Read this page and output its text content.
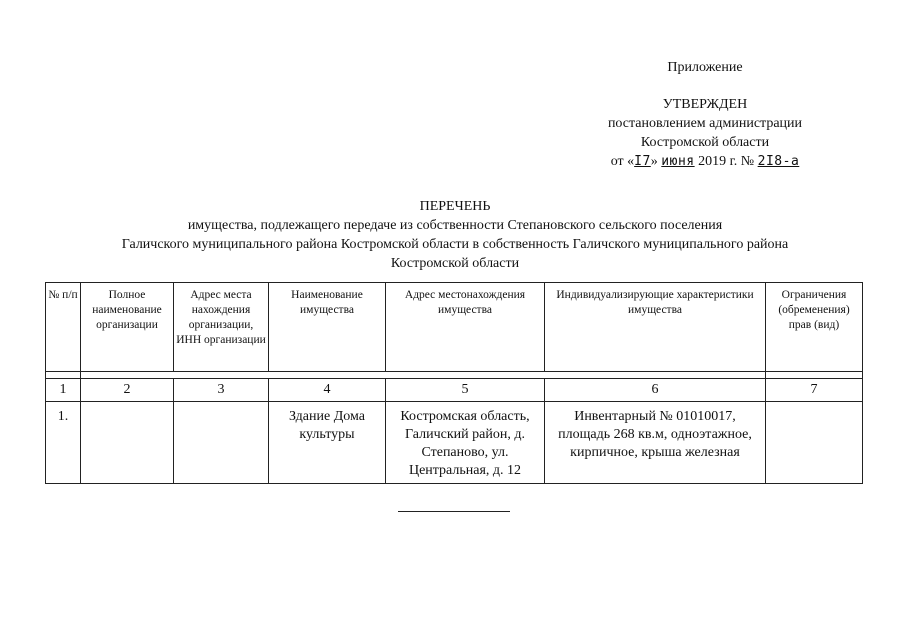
Приложение
УТВЕРЖДЕН
постановлением администрации
Костромской области
от «I7» июня 2019 г. № 2I8-а
ПЕРЕЧЕНЬ
имущества, подлежащего передаче из собственности Степановского сельского поселения
Галичского муниципального района Костромской области в собственность Галичского муниципального района
Костромской области
№ п/п	Полное наименование организации	Адрес места нахождения организации, ИНН организации	Наименование имущества	Адрес местонахождения имущества	Индивидуализирующие характеристики имущества	Ограничения (обременения) прав (вид)

1	2	3	4	5	6	7
1.			Здание Дома культуры	Костромская область, Галичский район, д. Степаново, ул. Центральная, д. 12	Инвентарный № 01010017, площадь 268 кв.м, одноэтажное, кирпичное, крыша железная	
